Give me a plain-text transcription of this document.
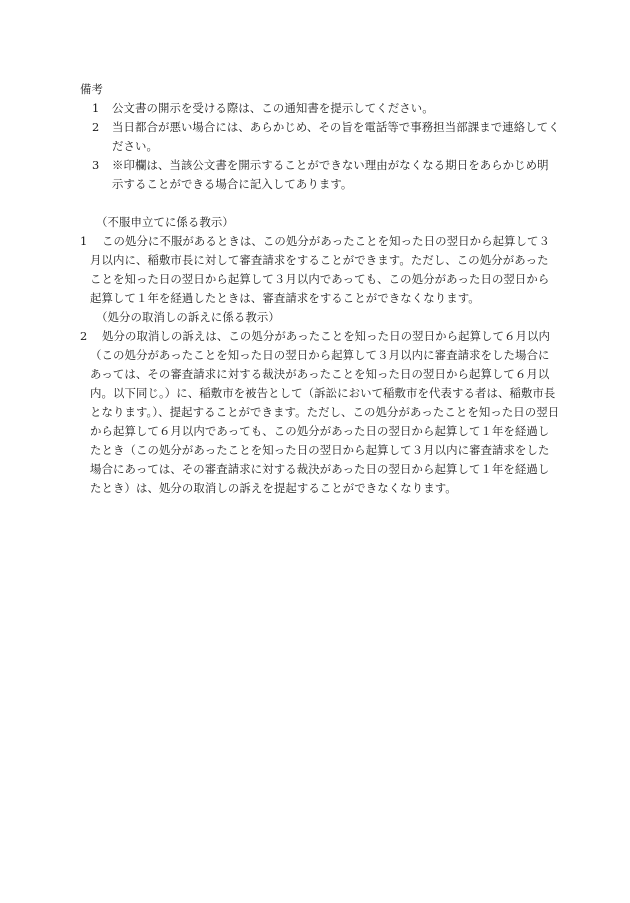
備考

1 公文書の開示を受ける際は、この通知書を提示してください。

2 当日都合が悪い場合には、あらかじめ、その旨を電話等で事務担当部課まで連絡してください。

3 ※印欄は、当該公文書を開示することができない理由がなくなる期日をあらかじめ明示することができる場合に記入してあります。

（不服申立てに係る教示）

1 この処分に不服があるときは、この処分があったことを知った日の翌日から起算して３月以内に、稲敷市長に対して審査請求をすることができます。ただし、この処分があったことを知った日の翌日から起算して３月以内であっても、この処分があった日の翌日から起算して１年を経過したときは、審査請求をすることができなくなります。

（処分の取消しの訴えに係る教示）

2 処分の取消しの訴えは、この処分があったことを知った日の翌日から起算して６月以内（この処分があったことを知った日の翌日から起算して３月以内に審査請求をした場合にあっては、その審査請求に対する裁決があったことを知った日の翌日から起算して６月以内。以下同じ。）に、稲敷市を被告として（訴訟において稲敷市を代表する者は、稲敷市長となります。）、提起することができます。ただし、この処分があったことを知った日の翌日から起算して６月以内であっても、この処分があった日の翌日から起算して１年を経過したとき（この処分があったことを知った日の翌日から起算して３月以内に審査請求をした場合にあっては、その審査請求に対する裁決があった日の翌日から起算して１年を経過したとき）は、処分の取消しの訴えを提起することができなくなります。
